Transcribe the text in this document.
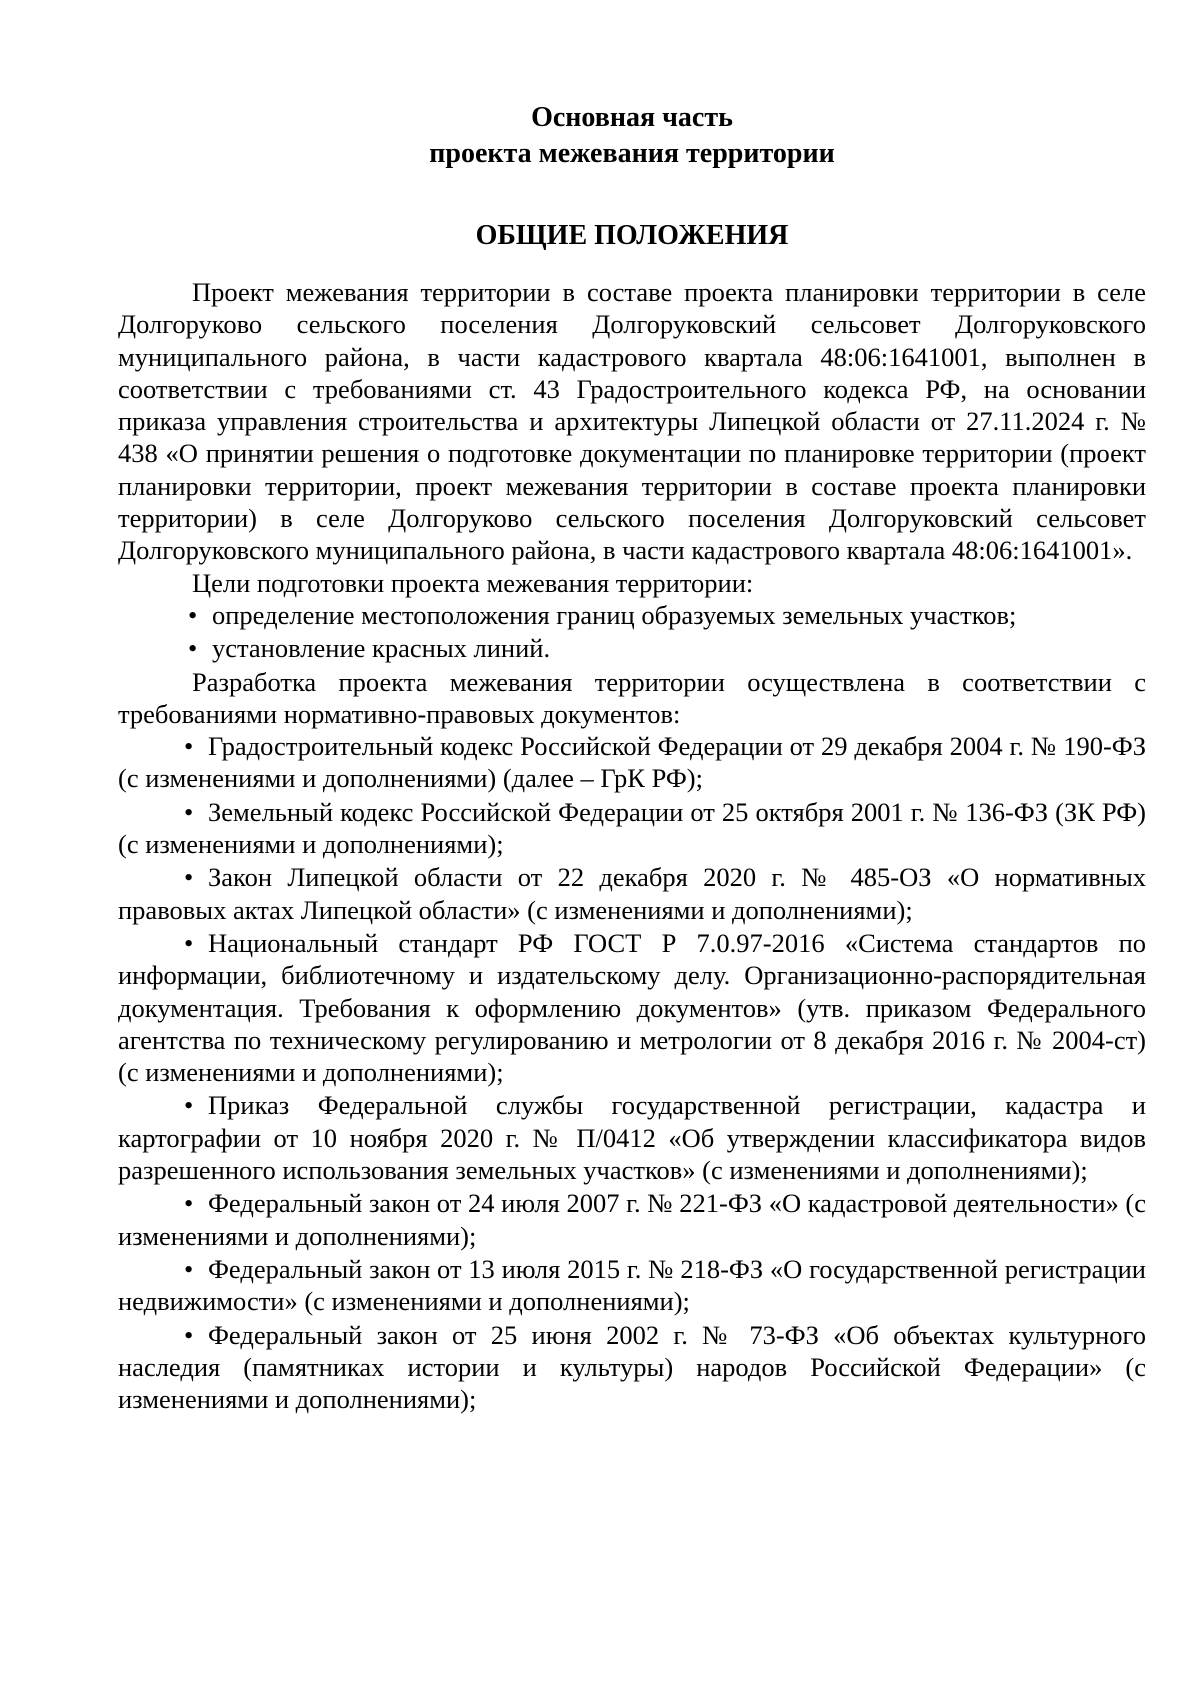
Основная часть
проекта межевания территории
ОБЩИЕ ПОЛОЖЕНИЯ

Проект межевания территории в составе проекта планировки территории в селе Долгоруково сельского поселения Долгоруковский сельсовет Долгоруковского муниципального района, в части кадастрового квартала 48:06:1641001, выполнен в соответствии с требованиями ст. 43 Градостроительного кодекса РФ, на основании приказа управления строительства и архитектуры Липецкой области от 27.11.2024 г. № 438 «О принятии решения о подготовке документации по планировке территории (проект планировки территории, проект межевания территории в составе проекта планировки территории) в селе Долгоруково сельского поселения Долгоруковский сельсовет Долгоруковского муниципального района, в части кадастрового квартала 48:06:1641001».

Цели подготовки проекта межевания территории:

• определение местоположения границ образуемых земельных участков;
• установление красных линий.

Разработка проекта межевания территории осуществлена в соответствии с требованиями нормативно-правовых документов:

• Градостроительный кодекс Российской Федерации от 29 декабря 2004 г. № 190-ФЗ (с изменениями и дополнениями) (далее – ГрК РФ);
• Земельный кодекс Российской Федерации от 25 октября 2001 г. № 136-ФЗ (ЗК РФ) (с изменениями и дополнениями);
• Закон Липецкой области от 22 декабря 2020 г. № 485-ОЗ «О нормативных правовых актах Липецкой области» (с изменениями и дополнениями);
• Национальный стандарт РФ ГОСТ Р 7.0.97-2016 «Система стандартов по информации, библиотечному и издательскому делу. Организационно-распорядительная документация. Требования к оформлению документов» (утв. приказом Федерального агентства по техническому регулированию и метрологии от 8 декабря 2016 г. № 2004-ст) (с изменениями и дополнениями);
• Приказ Федеральной службы государственной регистрации, кадастра и картографии от 10 ноября 2020 г. № П/0412 «Об утверждении классификатора видов разрешенного использования земельных участков» (с изменениями и дополнениями);
• Федеральный закон от 24 июля 2007 г. № 221-ФЗ «О кадастровой деятельности» (с изменениями и дополнениями);
• Федеральный закон от 13 июля 2015 г. № 218-ФЗ «О государственной регистрации недвижимости» (с изменениями и дополнениями);
• Федеральный закон от 25 июня 2002 г. № 73-ФЗ «Об объектах культурного наследия (памятниках истории и культуры) народов Российской Федерации» (с изменениями и дополнениями);
